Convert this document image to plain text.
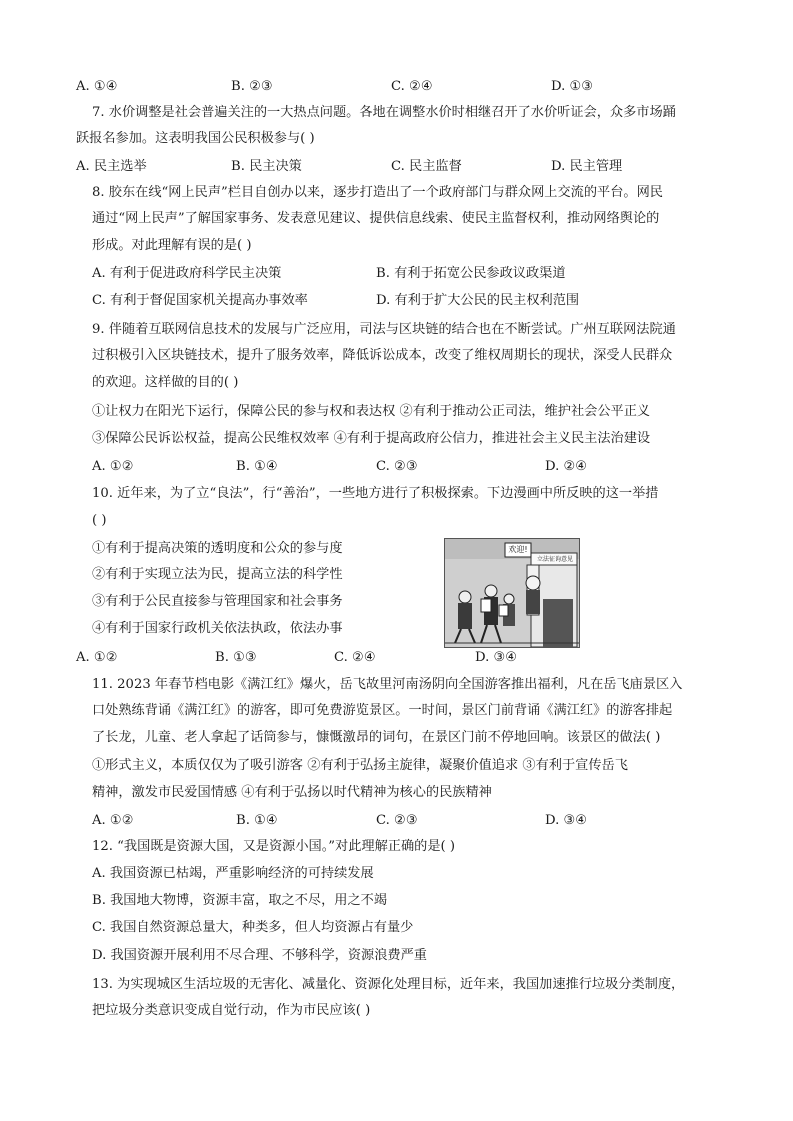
A. ①④	B. ②③	C. ②④	D. ①③
7. 水价调整是社会普遍关注的一大热点问题。各地在调整水价时相继召开了水价听证会，众多市场踊
跃报名参加。这表明我国公民积极参与( )
A. 民主选举	B. 民主决策	C. 民主监督	D. 民主管理
8. 胶东在线“网上民声”栏目自创办以来，逐步打造出了一个政府部门与群众网上交流的平台。网民
通过“网上民声”了解国家事务、发表意见建议、提供信息线索、使民主监督权利，推动网络舆论的
形成。对此理解有误的是( )
A. 有利于促进政府科学民主决策	B. 有利于拓宽公民参政议政渠道
C. 有利于督促国家机关提高办事效率	D. 有利于扩大公民的民主权利范围
9. 伴随着互联网信息技术的发展与广泛应用，司法与区块链的结合也在不断尝试。广州互联网法院通
过积极引入区块链技术，提升了服务效率，降低诉讼成本，改变了维权周期长的现状，深受人民群众
的欢迎。这样做的目的( )
①让权力在阳光下运行，保障公民的参与权和表达权 ②有利于推动公正司法，维护社会公平正义
③保障公民诉讼权益，提高公民维权效率 ④有利于提高政府公信力，推进社会主义民主法治建设
A. ①②	B. ①④	C. ②③	D. ②④
10. 近年来，为了立“良法”，行“善治”，一些地方进行了积极探索。下边漫画中所反映的这一举措
( )
①有利于提高决策的透明度和公众的参与度
②有利于实现立法为民，提高立法的科学性
③有利于公民直接参与管理国家和社会事务
④有利于国家行政机关依法执政，依法办事
A. ①②	B. ①③	C. ②④	D. ③④
欢迎!
立法征询意见
11. 2023 年春节档电影《满江红》爆火，岳飞故里河南汤阴向全国游客推出福利，凡在岳飞庙景区入
口处熟练背诵《满江红》的游客，即可免费游览景区。一时间，景区门前背诵《满江红》的游客排起
了长龙，儿童、老人拿起了话筒参与，慷慨激昂的词句，在景区门前不停地回响。该景区的做法( )
①形式主义，本质仅仅为了吸引游客 ②有利于弘扬主旋律，凝聚价值追求 ③有利于宣传岳飞
精神，激发市民爱国情感 ④有利于弘扬以时代精神为核心的民族精神
A. ①②	B. ①④	C. ②③	D. ③④
12. “我国既是资源大国，又是资源小国。”对此理解正确的是( )
A. 我国资源已枯竭，严重影响经济的可持续发展
B. 我国地大物博，资源丰富，取之不尽，用之不竭
C. 我国自然资源总量大，种类多，但人均资源占有量少
D. 我国资源开展利用不尽合理、不够科学，资源浪费严重
13. 为实现城区生活垃圾的无害化、减量化、资源化处理目标，近年来，我国加速推行垃圾分类制度，
把垃圾分类意识变成自觉行动，作为市民应该( )
